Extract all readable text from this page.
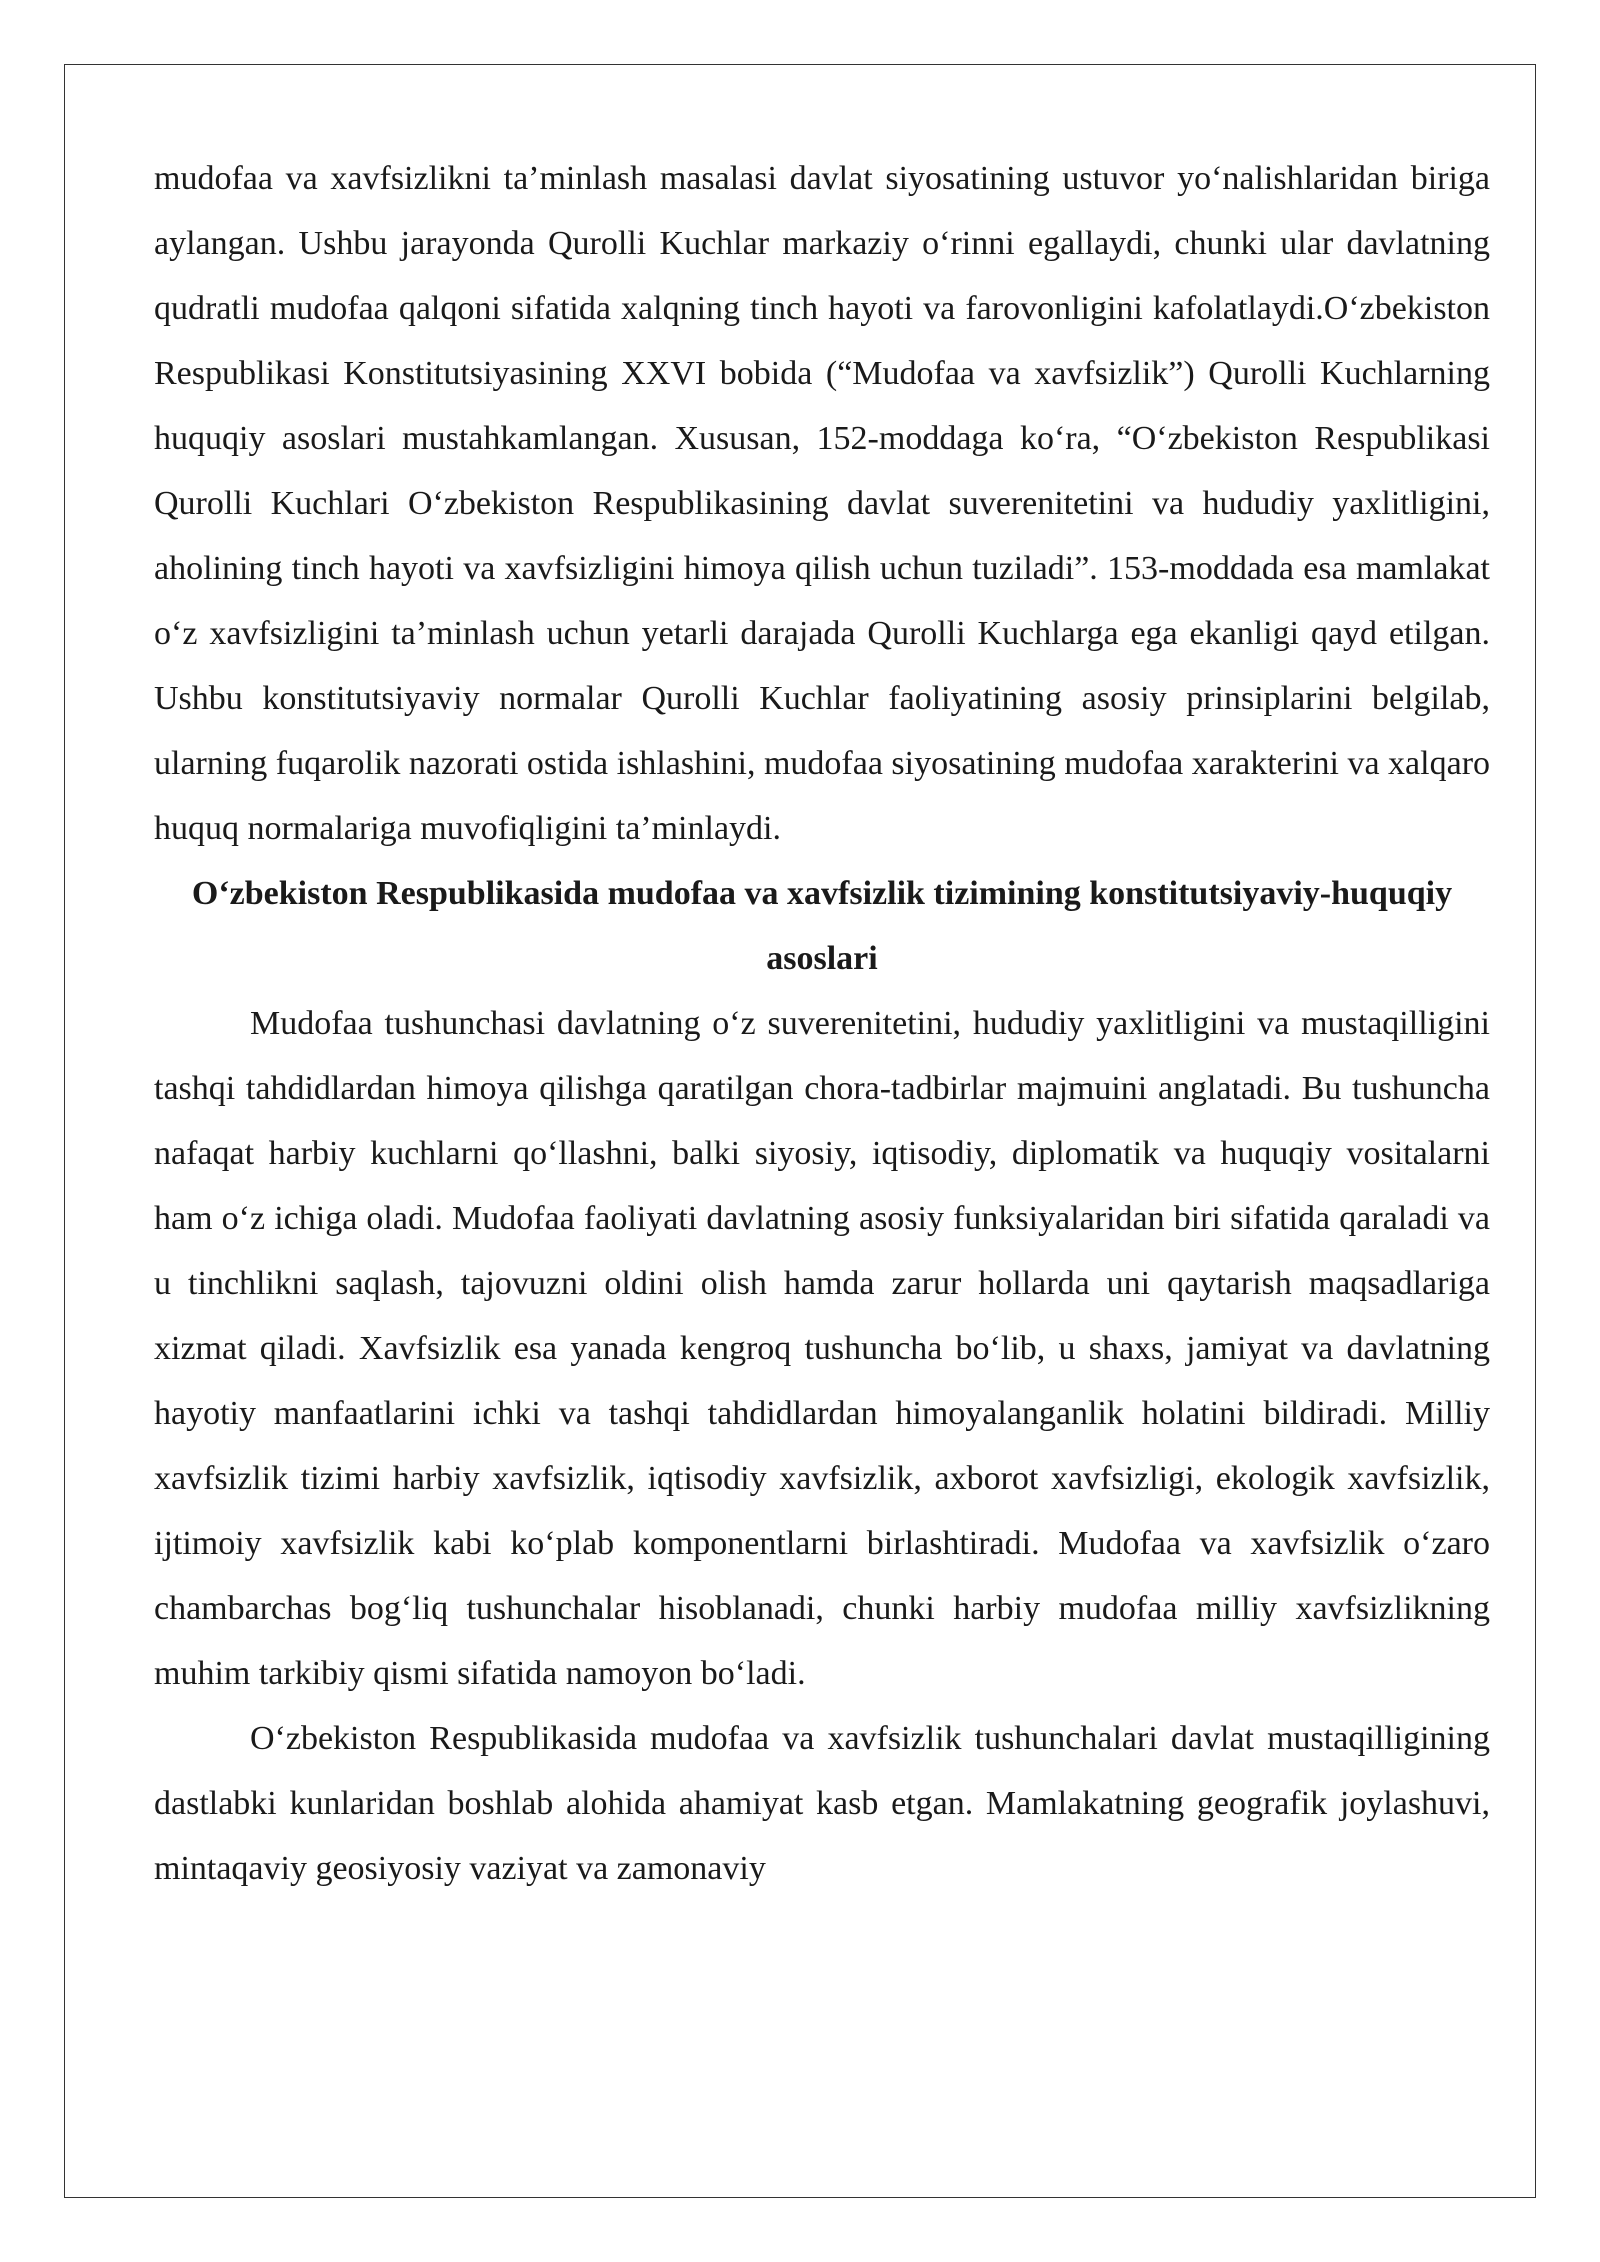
mudofaa va xavfsizlikni ta’minlash masalasi davlat siyosatining ustuvor yo‘nalishlaridan biriga aylangan. Ushbu jarayonda Qurolli Kuchlar markaziy o‘rinni egallaydi, chunki ular davlatning qudratli mudofaa qalqoni sifatida xalqning tinch hayoti va farovonligini kafolatlaydi.O‘zbekiston Respublikasi Konstitutsiyasining XXVI bobida (“Mudofaa va xavfsizlik”) Qurolli Kuchlarning huquqiy asoslari mustahkamlangan. Xususan, 152-moddaga ko‘ra, “O‘zbekiston Respublikasi Qurolli Kuchlari O‘zbekiston Respublikasining davlat suverenitetini va hududiy yaxlitligini, aholining tinch hayoti va xavfsizligini himoya qilish uchun tuziladi”. 153-moddada esa mamlakat o‘z xavfsizligini ta’minlash uchun yetarli darajada Qurolli Kuchlarga ega ekanligi qayd etilgan. Ushbu konstitutsiyaviy normalar Qurolli Kuchlar faoliyatining asosiy prinsiplarini belgilab, ularning fuqarolik nazorati ostida ishlashini, mudofaa siyosatining mudofaa xarakterini va xalqaro huquq normalariga muvofiqligini ta’minlaydi.

O‘zbekiston Respublikasida mudofaa va xavfsizlik tizimining konstitutsiyaviy-huquqiy asoslari

Mudofaa tushunchasi davlatning o‘z suverenitetini, hududiy yaxlitligini va mustaqilligini tashqi tahdidlardan himoya qilishga qaratilgan chora-tadbirlar majmuini anglatadi. Bu tushuncha nafaqat harbiy kuchlarni qo‘llashni, balki siyosiy, iqtisodiy, diplomatik va huquqiy vositalarni ham o‘z ichiga oladi. Mudofaa faoliyati davlatning asosiy funksiyalaridan biri sifatida qaraladi va u tinchlikni saqlash, tajovuzni oldini olish hamda zarur hollarda uni qaytarish maqsadlariga xizmat qiladi. Xavfsizlik esa yanada kengroq tushuncha bo‘lib, u shaxs, jamiyat va davlatning hayotiy manfaatlarini ichki va tashqi tahdidlardan himoyalanganlik holatini bildiradi. Milliy xavfsizlik tizimi harbiy xavfsizlik, iqtisodiy xavfsizlik, axborot xavfsizligi, ekologik xavfsizlik, ijtimoiy xavfsizlik kabi ko‘plab komponentlarni birlashtiradi. Mudofaa va xavfsizlik o‘zaro chambarchas bog‘liq tushunchalar hisoblanadi, chunki harbiy mudofaa milliy xavfsizlikning muhim tarkibiy qismi sifatida namoyon bo‘ladi.

O‘zbekiston Respublikasida mudofaa va xavfsizlik tushunchalari davlat mustaqilligining dastlabki kunlaridan boshlab alohida ahamiyat kasb etgan. Mamlakatning geografik joylashuvi, mintaqaviy geosiyosiy vaziyat va zamonaviy
